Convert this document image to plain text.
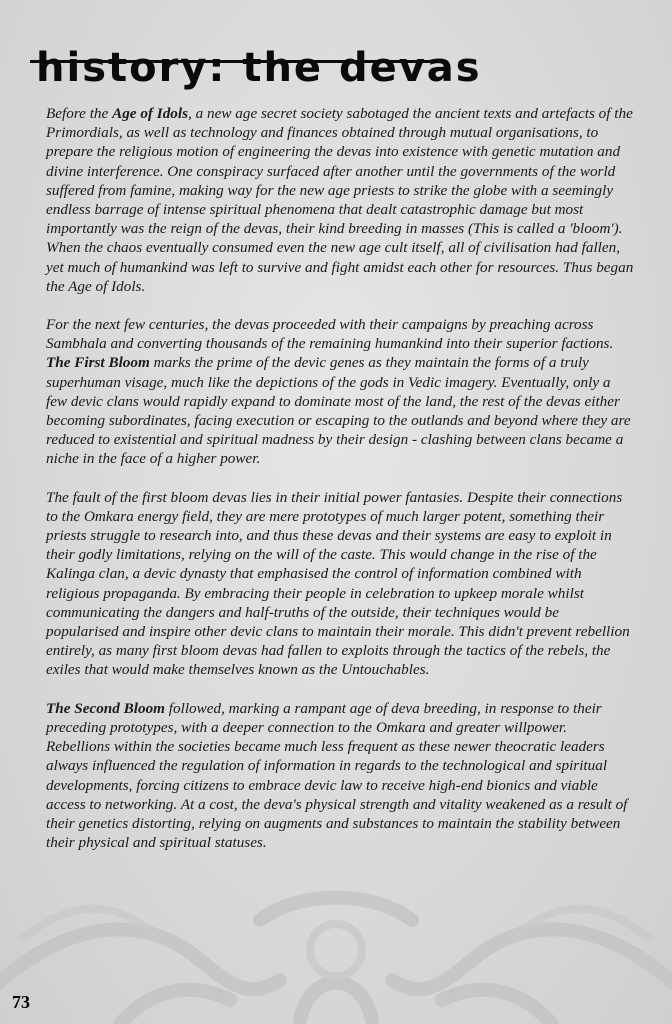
history: the devas

Before the Age of Idols, a new age secret society sabotaged the ancient texts and artefacts of the Primordials, as well as technology and finances obtained through mutual organisations, to prepare the religious motion of engineering the devas into existence with genetic mutation and divine interference. One conspiracy surfaced after another until the governments of the world suffered from famine, making way for the new age priests to strike the globe with a seemingly endless barrage of intense spiritual phenomena that dealt catastrophic damage but most importantly was the reign of the devas, their kind breeding in masses (This is called a 'bloom'). When the chaos eventually consumed even the new age cult itself, all of civilisation had fallen, yet much of humankind was left to survive and fight amidst each other for resources. Thus began the Age of Idols.

For the next few centuries, the devas proceeded with their campaigns by preaching across Sambhala and converting thousands of the remaining humankind into their superior factions. The First Bloom marks the prime of the devic genes as they maintain the forms of a truly superhuman visage, much like the depictions of the gods in Vedic imagery. Eventually, only a few devic clans would rapidly expand to dominate most of the land, the rest of the devas either becoming subordinates, facing execution or escaping to the outlands and beyond where they are reduced to existential and spiritual madness by their design - clashing between clans became a niche in the face of a higher power.

The fault of the first bloom devas lies in their initial power fantasies. Despite their connections to the Omkara energy field, they are mere prototypes of much larger potent, something their priests struggle to research into, and thus these devas and their systems are easy to exploit in their godly limitations, relying on the will of the caste. This would change in the rise of the Kalinga clan, a devic dynasty that emphasised the control of information combined with religious propaganda. By embracing their people in celebration to upkeep morale whilst communicating the dangers and half-truths of the outside, their techniques would be popularised and inspire other devic clans to maintain their morale. This didn't prevent rebellion entirely, as many first bloom devas had fallen to exploits through the tactics of the rebels, the exiles that would make themselves known as the Untouchables.

The Second Bloom followed, marking a rampant age of deva breeding, in response to their preceding prototypes, with a deeper connection to the Omkara and greater willpower. Rebellions within the societies became much less frequent as these newer theocratic leaders always influenced the regulation of information in regards to the technological and spiritual developments, forcing citizens to embrace devic law to receive high-end bionics and viable access to networking. At a cost, the deva's physical strength and vitality weakened as a result of their genetics distorting, relying on augments and substances to maintain the stability between their physical and spiritual statuses.

73
